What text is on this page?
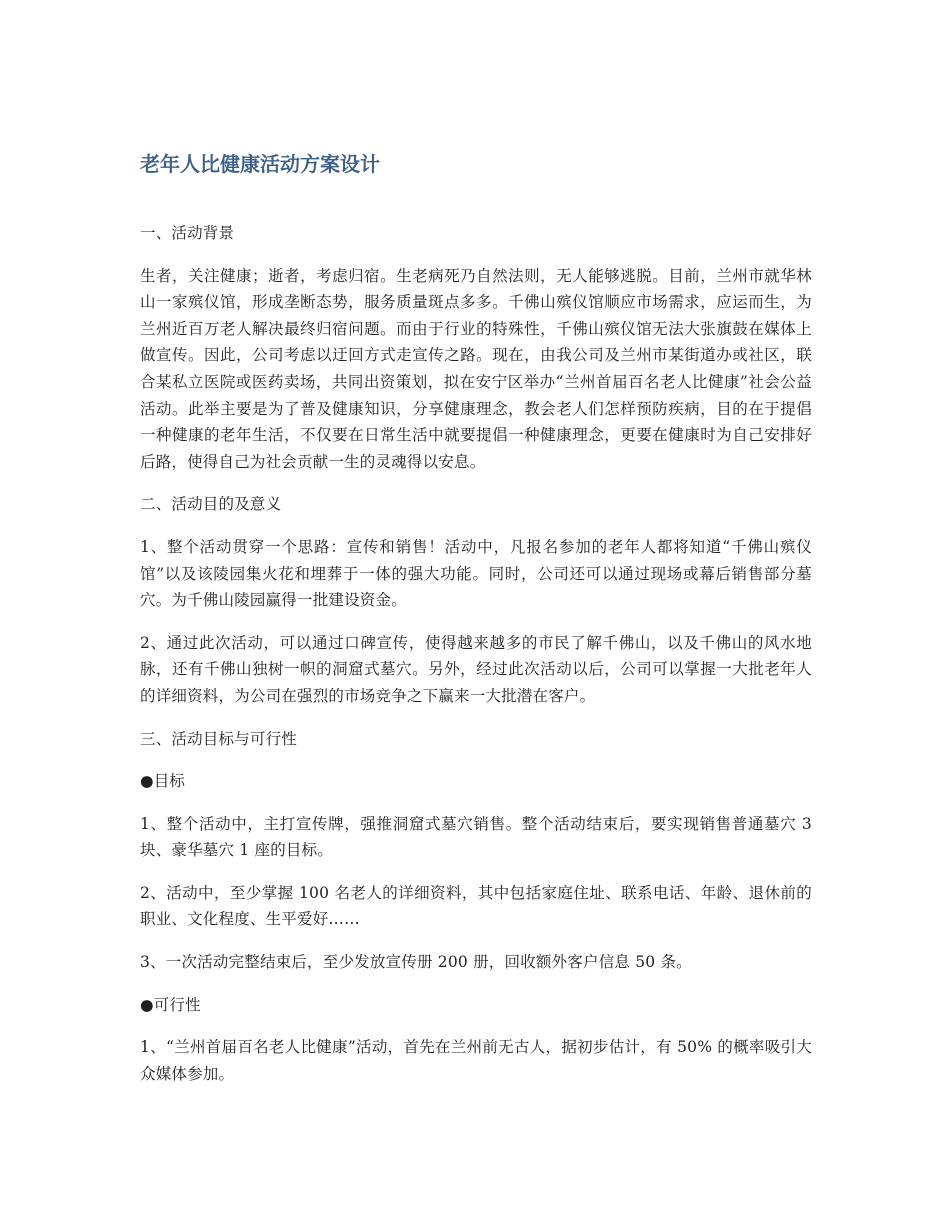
老年人比健康活动方案设计

一、活动背景

生者，关注健康；逝者，考虑归宿。生老病死乃自然法则，无人能够逃脱。目前，兰州市就华林山一家殡仪馆，形成垄断态势，服务质量斑点多多。千佛山殡仪馆顺应市场需求，应运而生，为兰州近百万老人解决最终归宿问题。而由于行业的特殊性，千佛山殡仪馆无法大张旗鼓在媒体上做宣传。因此，公司考虑以迂回方式走宣传之路。现在，由我公司及兰州市某街道办或社区，联合某私立医院或医药卖场，共同出资策划，拟在安宁区举办“兰州首届百名老人比健康”社会公益活动。此举主要是为了普及健康知识，分享健康理念，教会老人们怎样预防疾病，目的在于提倡一种健康的老年生活，不仅要在日常生活中就要提倡一种健康理念，更要在健康时为自己安排好后路，使得自己为社会贡献一生的灵魂得以安息。

二、活动目的及意义

1、整个活动贯穿一个思路：宣传和销售！活动中，凡报名参加的老年人都将知道“千佛山殡仪馆”以及该陵园集火花和埋葬于一体的强大功能。同时，公司还可以通过现场或幕后销售部分墓穴。为千佛山陵园赢得一批建设资金。

2、通过此次活动，可以通过口碑宣传，使得越来越多的市民了解千佛山，以及千佛山的风水地脉，还有千佛山独树一帜的洞窟式墓穴。另外，经过此次活动以后，公司可以掌握一大批老年人的详细资料，为公司在强烈的市场竞争之下赢来一大批潜在客户。

三、活动目标与可行性

●目标

1、整个活动中，主打宣传牌，强推洞窟式墓穴销售。整个活动结束后，要实现销售普通墓穴 3 块、豪华墓穴 1 座的目标。

2、活动中，至少掌握 100 名老人的详细资料，其中包括家庭住址、联系电话、年龄、退休前的职业、文化程度、生平爱好……

3、一次活动完整结束后，至少发放宣传册 200 册，回收额外客户信息 50 条。

●可行性

1、“兰州首届百名老人比健康”活动，首先在兰州前无古人，据初步估计，有 50% 的概率吸引大众媒体参加。
